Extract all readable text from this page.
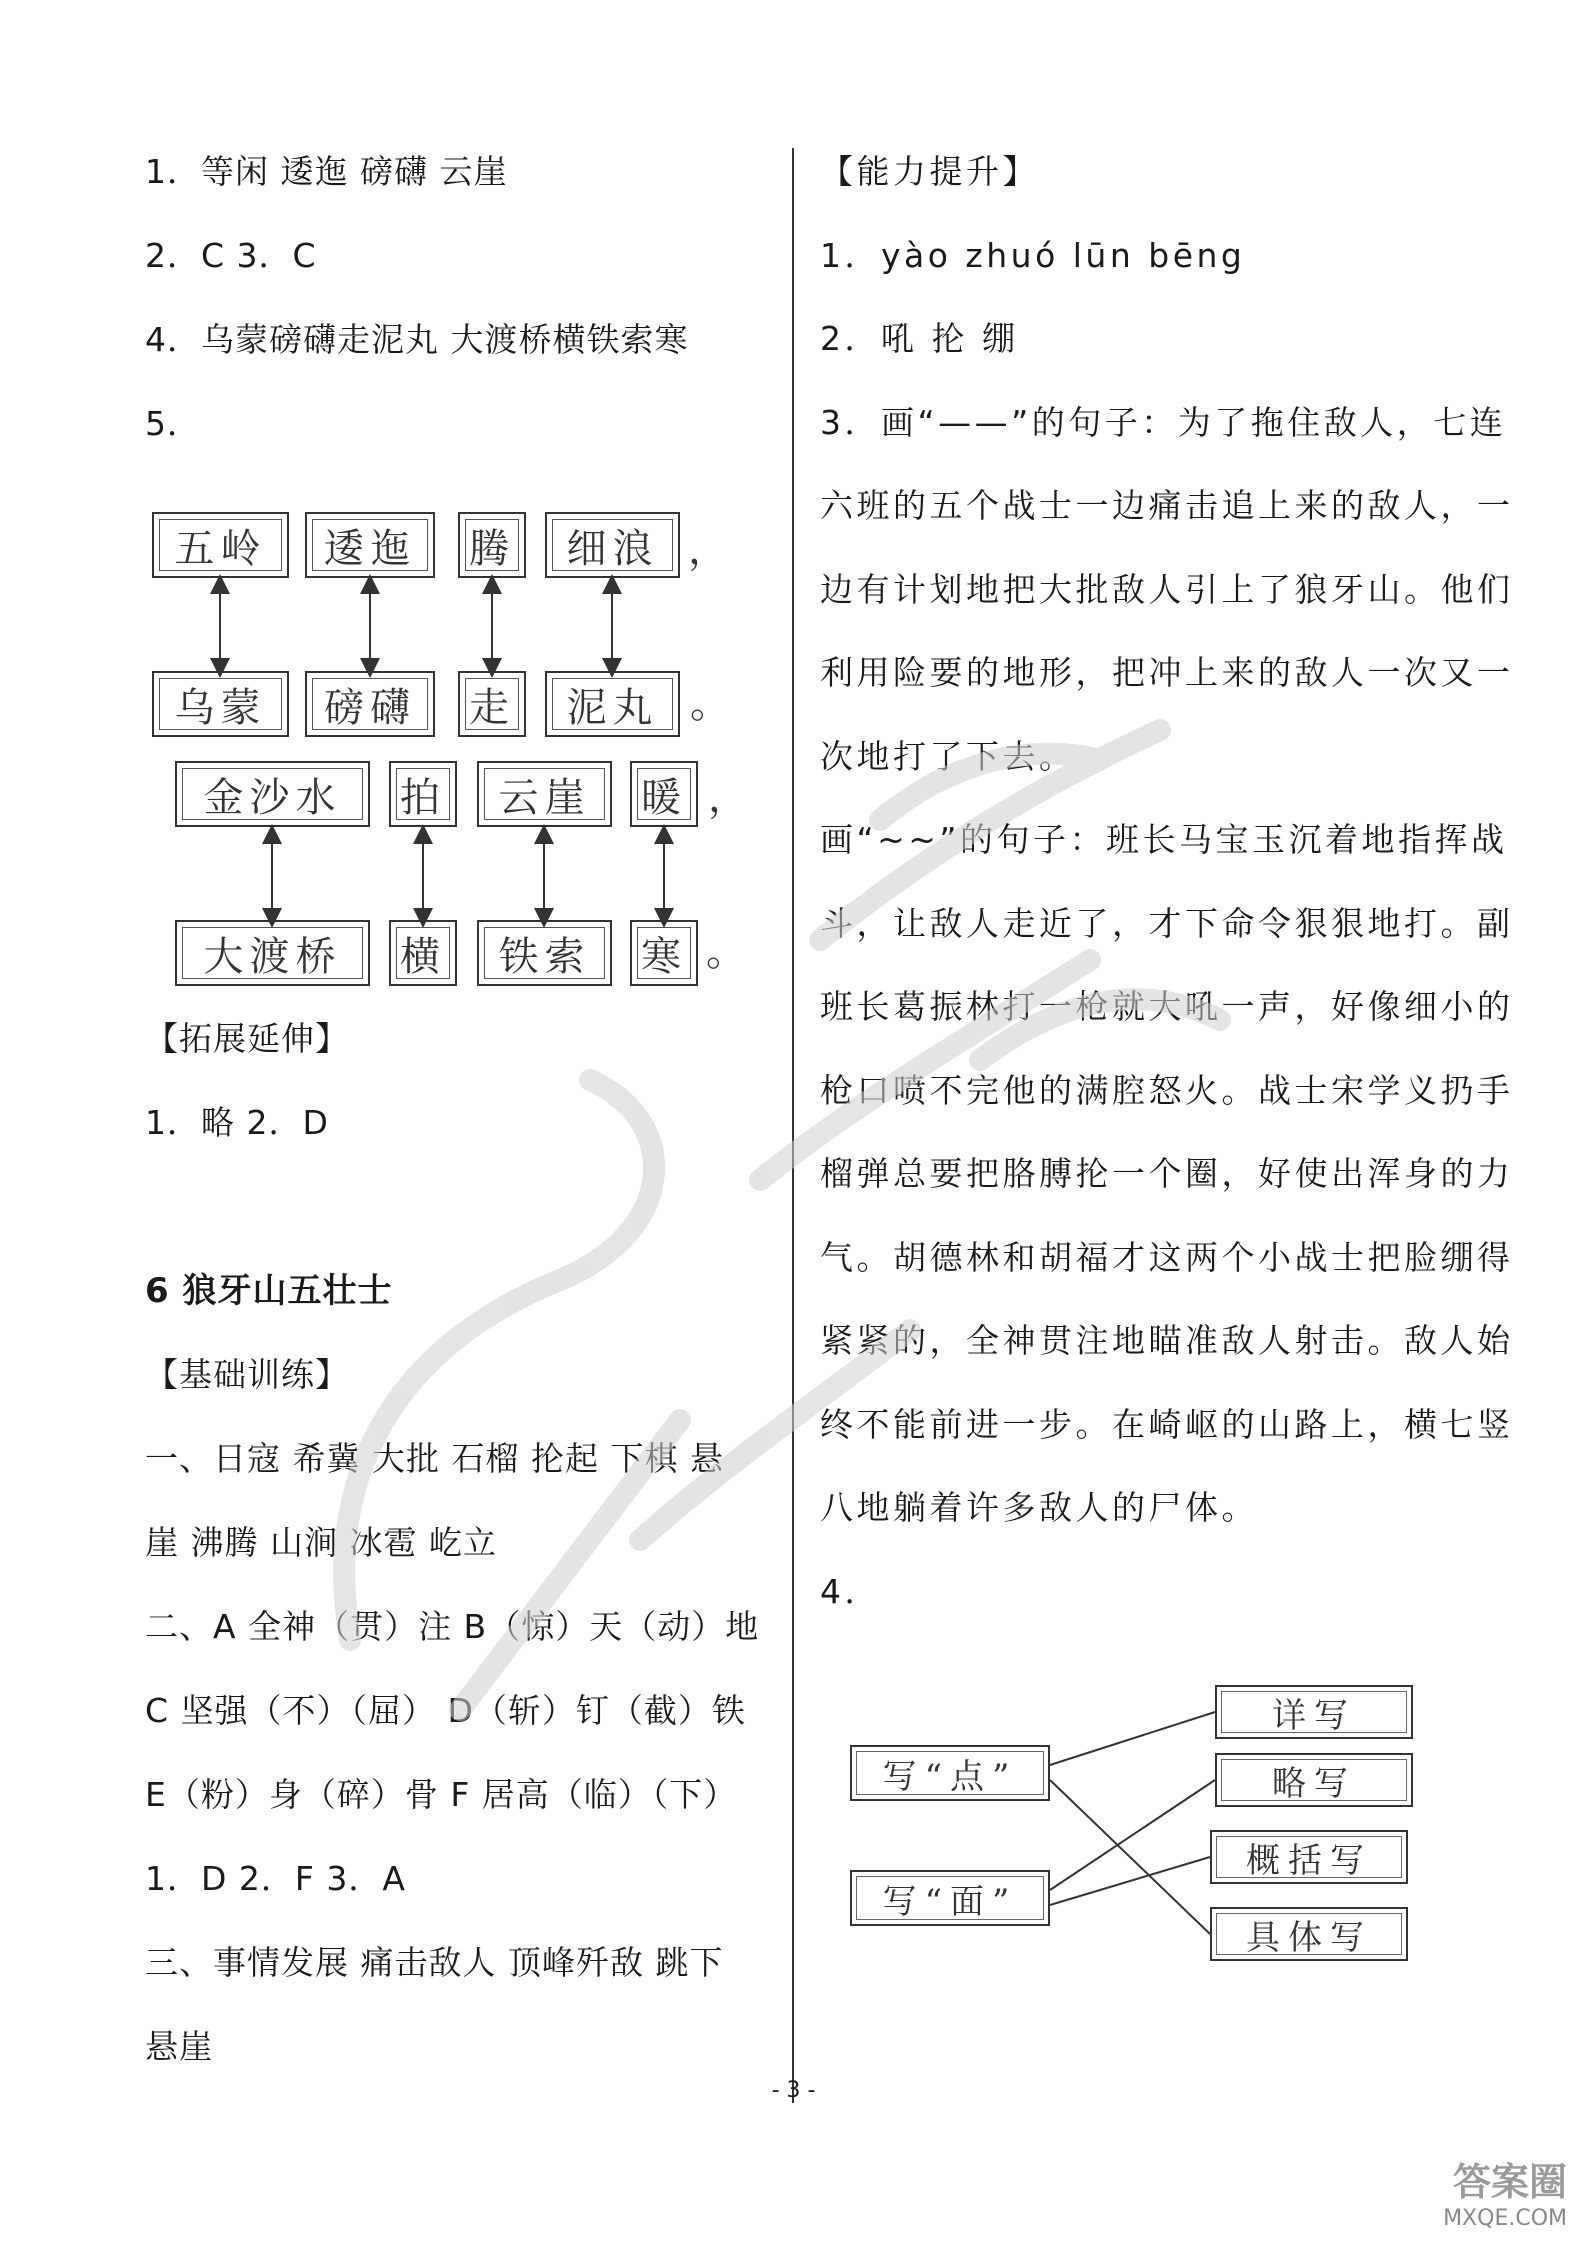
1．等闲 逶迤 磅礴 云崖
2．C 3．C
4．乌蒙磅礴走泥丸 大渡桥横铁索寒
5．
五岭	逶迤	腾	细浪 ，
乌蒙	磅礴	走	泥丸 。
金沙水	拍	云崖	暖 ，
大渡桥	横	铁索	寒 。
【拓展延伸】
1．略 2．D
6 狼牙山五壮士
【基础训练】
一、日寇 希冀 大批 石榴 抡起 下棋 悬
崖 沸腾 山涧 冰雹 屹立
二、A 全神（贯）注 B（惊）天（动）地
C 坚强（不）（屈） D（斩）钉（截）铁
E（粉）身（碎）骨 F 居高（临）（下）
1．D 2．F 3．A
三、事情发展 痛击敌人 顶峰歼敌 跳下
悬崖
【能力提升】
1．yào zhuó lūn bēng
2．吼 抡 绷
3．画“——”的句子：为了拖住敌人，七连
六班的五个战士一边痛击追上来的敌人，一
边有计划地把大批敌人引上了狼牙山。他们
利用险要的地形，把冲上来的敌人一次又一
次地打了下去。
画“~~”的句子：班长马宝玉沉着地指挥战
斗，让敌人走近了，才下命令狠狠地打。副
班长葛振林打一枪就大吼一声，好像细小的
枪口喷不完他的满腔怒火。战士宋学义扔手
榴弹总要把胳膊抡一个圈，好使出浑身的力
气。胡德林和胡福才这两个小战士把脸绷得
紧紧的，全神贯注地瞄准敌人射击。敌人始
终不能前进一步。在崎岖的山路上，横七竖
八地躺着许多敌人的尸体。
4．
写“点”
写“面”
详写
略写
概括写
具体写
- 3 -
答案圈
MXQE.COM
